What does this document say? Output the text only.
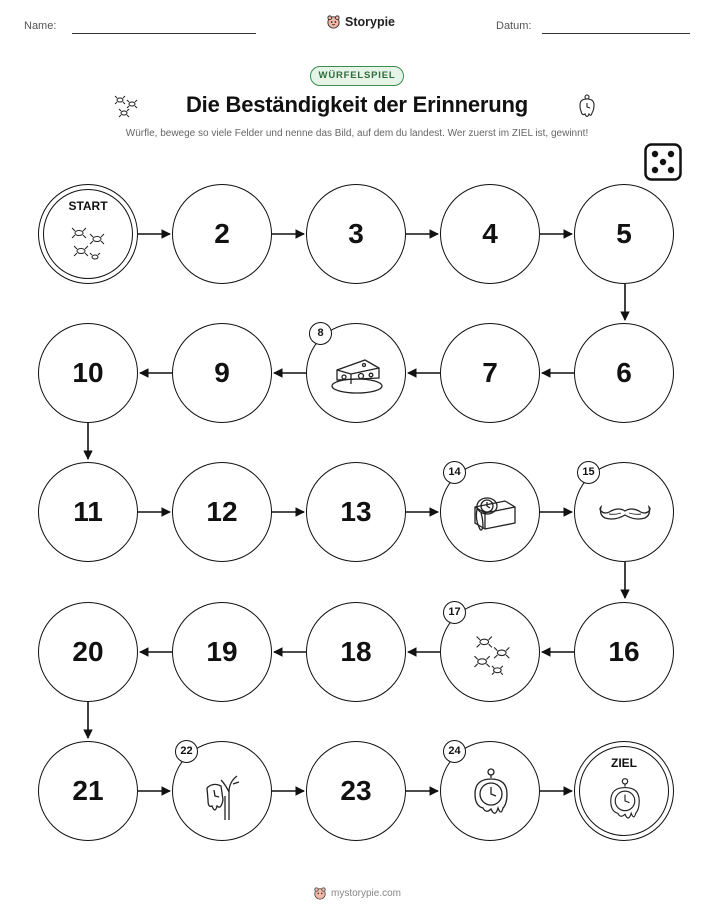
Name:	Storypie	Datum:
WÜRFELSPIEL
Die Beständigkeit der Erinnerung
Würfle, bewege so viele Felder und nenne das Bild, auf dem du landest. Wer zuerst im ZIEL ist, gewinnt!
START
2	3	4	5
10	9
8
7	6
11	12	13
14	15
20	19	18
17
16
21
22
23
24
ZIEL
mystorypie.com
